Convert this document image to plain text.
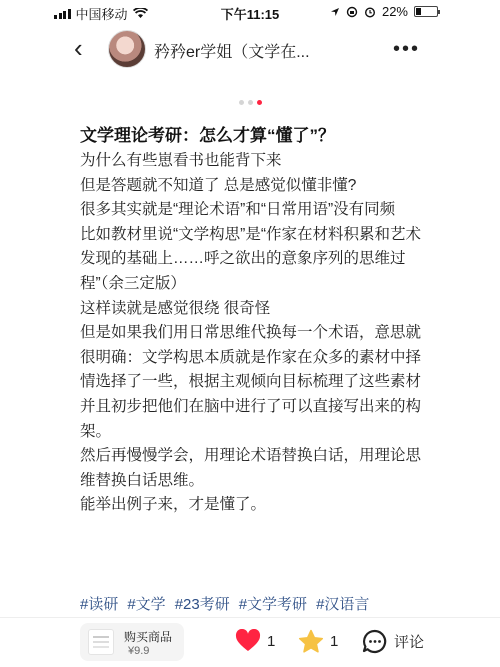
中国移动	下午11:15	22%
‹	矜矜er学姐（文学在...	•••
文学理论考研：怎么才算“懂了”？

为什么有些崽看书也能背下来

但是答题就不知道了 总是感觉似懂非懂?

很多其实就是“理论术语”和“日常用语”没有同频

比如教材里说“文学构思”是“作家在材料积累和艺术发现的基础上……呼之欲出的意象序列的思维过程”（余三定版）

这样读就是感觉很绕 很奇怪

但是如果我们用日常思维代换每一个术语，意思就很明确：文学构思本质就是作家在众多的素材中择情选择了一些，根据主观倾向目标梳理了这些素材并且初步把他们在脑中进行了可以直接写出来的构架。

然后再慢慢学会，用理论术语替换白话，用理论思维替换白话思维。

能举出例子来，才是懂了。

#读研 #文学 #23考研 #文学考研 #汉语言
购买商品
¥9.9
1	1	评论
